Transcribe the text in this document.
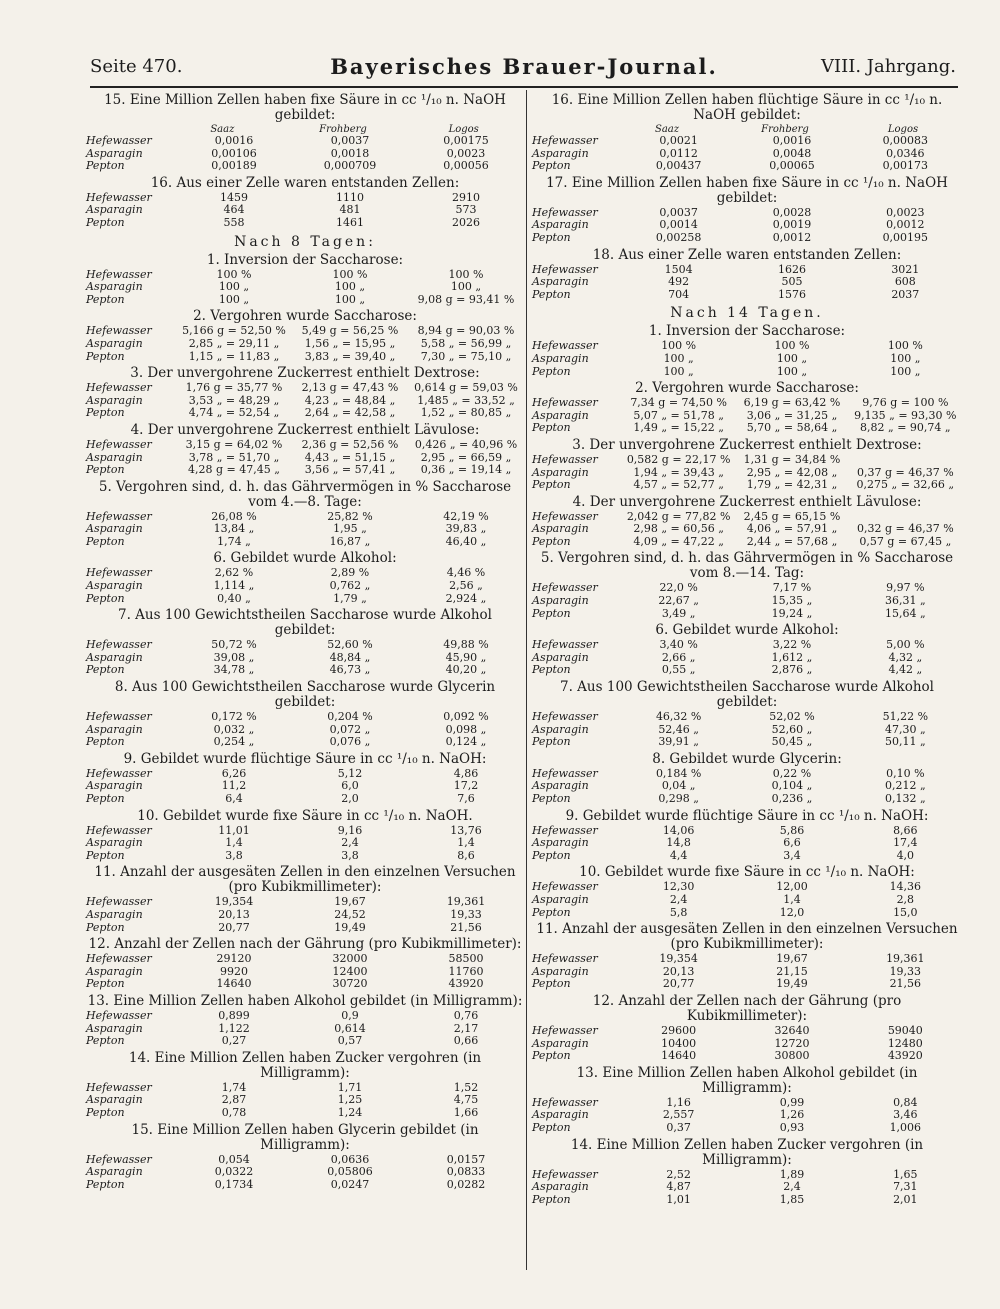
Seite 470.	Bayerisches Brauer-Journal.	VIII. Jahrgang.
15. Eine Million Zellen haben fixe Säure in cc ¹/₁₀ n. NaOH gebildet:
Saaz	Frohberg	Logos
Hefewasser	0,0016	0,0037	0,00175
Asparagin	0,00106	0,0018	0,0023
Pepton	0,00189	0,000709	0,00056
16. Aus einer Zelle waren entstanden Zellen:
Hefewasser	1459	1110	2910
Asparagin	464	481	573
Pepton	558	1461	2026
Nach 8 Tagen:
1. Inversion der Saccharose:
Hefewasser	100 %	100 %	100 %
Asparagin	100 „	100 „	100 „
Pepton	100 „	100 „	9,08 g = 93,41 %
2. Vergohren wurde Saccharose:
Hefewasser	5,166 g = 52,50 %	5,49 g = 56,25 %	8,94 g = 90,03 %
Asparagin	2,85 „ = 29,11 „	1,56 „ = 15,95 „	5,58 „ = 56,99 „
Pepton	1,15 „ = 11,83 „	3,83 „ = 39,40 „	7,30 „ = 75,10 „
3. Der unvergohrene Zuckerrest enthielt Dextrose:
Hefewasser	1,76 g = 35,77 %	2,13 g = 47,43 %	0,614 g = 59,03 %
Asparagin	3,53 „ = 48,29 „	4,23 „ = 48,84 „	1,485 „ = 33,52 „
Pepton	4,74 „ = 52,54 „	2,64 „ = 42,58 „	1,52 „ = 80,85 „
4. Der unvergohrene Zuckerrest enthielt Lävulose:
Hefewasser	3,15 g = 64,02 %	2,36 g = 52,56 %	0,426 „ = 40,96 %
Asparagin	3,78 „ = 51,70 „	4,43 „ = 51,15 „	2,95 „ = 66,59 „
Pepton	4,28 g = 47,45 „	3,56 „ = 57,41 „	0,36 „ = 19,14 „
5. Vergohren sind, d. h. das Gährvermögen in % Saccharose vom 4.—8. Tage:
Hefewasser	26,08 %	25,82 %	42,19 %
Asparagin	13,84 „	1,95 „	39,83 „
Pepton	1,74 „	16,87 „	46,40 „
6. Gebildet wurde Alkohol:
Hefewasser	2,62 %	2,89 %	4,46 %
Asparagin	1,114 „	0,762 „	2,56 „
Pepton	0,40 „	1,79 „	2,924 „
7. Aus 100 Gewichtstheilen Saccharose wurde Alkohol gebildet:
Hefewasser	50,72 %	52,60 %	49,88 %
Asparagin	39,08 „	48,84 „	45,90 „
Pepton	34,78 „	46,73 „	40,20 „
8. Aus 100 Gewichtstheilen Saccharose wurde Glycerin gebildet:
Hefewasser	0,172 %	0,204 %	0,092 %
Asparagin	0,032 „	0,072 „	0,098 „
Pepton	0,254 „	0,076 „	0,124 „
9. Gebildet wurde flüchtige Säure in cc ¹/₁₀ n. NaOH:
Hefewasser	6,26	5,12	4,86
Asparagin	11,2	6,0	17,2
Pepton	6,4	2,0	7,6
10. Gebildet wurde fixe Säure in cc ¹/₁₀ n. NaOH.
Hefewasser	11,01	9,16	13,76
Asparagin	1,4	2,4	1,4
Pepton	3,8	3,8	8,6
11. Anzahl der ausgesäten Zellen in den einzelnen Versuchen (pro Kubikmillimeter):
Hefewasser	19,354	19,67	19,361
Asparagin	20,13	24,52	19,33
Pepton	20,77	19,49	21,56
12. Anzahl der Zellen nach der Gährung (pro Kubikmillimeter):
Hefewasser	29120	32000	58500
Asparagin	9920	12400	11760
Pepton	14640	30720	43920
13. Eine Million Zellen haben Alkohol gebildet (in Milligramm):
Hefewasser	0,899	0,9	0,76
Asparagin	1,122	0,614	2,17
Pepton	0,27	0,57	0,66
14. Eine Million Zellen haben Zucker vergohren (in Milligramm):
Hefewasser	1,74	1,71	1,52
Asparagin	2,87	1,25	4,75
Pepton	0,78	1,24	1,66
15. Eine Million Zellen haben Glycerin gebildet (in Milligramm):
Hefewasser	0,054	0,0636	0,0157
Asparagin	0,0322	0,05806	0,0833
Pepton	0,1734	0,0247	0,0282
16. Eine Million Zellen haben flüchtige Säure in cc ¹/₁₀ n. NaOH gebildet:
Saaz	Frohberg	Logos
Hefewasser	0,0021	0,0016	0,00083
Asparagin	0,0112	0,0048	0,0346
Pepton	0,00437	0,00065	0,00173
17. Eine Million Zellen haben fixe Säure in cc ¹/₁₀ n. NaOH gebildet:
Hefewasser	0,0037	0,0028	0,0023
Asparagin	0,0014	0,0019	0,0012
Pepton	0,00258	0,0012	0,00195
18. Aus einer Zelle waren entstanden Zellen:
Hefewasser	1504	1626	3021
Asparagin	492	505	608
Pepton	704	1576	2037
Nach 14 Tagen.
1. Inversion der Saccharose:
Hefewasser	100 %	100 %	100 %
Asparagin	100 „	100 „	100 „
Pepton	100 „	100 „	100 „
2. Vergohren wurde Saccharose:
Hefewasser	7,34 g = 74,50 %	6,19 g = 63,42 %	9,76 g = 100 %
Asparagin	5,07 „ = 51,78 „	3,06 „ = 31,25 „	9,135 „ = 93,30 %
Pepton	1,49 „ = 15,22 „	5,70 „ = 58,64 „	8,82 „ = 90,74 „
3. Der unvergohrene Zuckerrest enthielt Dextrose:
Hefewasser	0,582 g = 22,17 %	1,31 g = 34,84 %
Asparagin	1,94 „ = 39,43 „	2,95 „ = 42,08 „	0,37 g = 46,37 %
Pepton	4,57 „ = 52,77 „	1,79 „ = 42,31 „	0,275 „ = 32,66 „
4. Der unvergohrene Zuckerrest enthielt Lävulose:
Hefewasser	2,042 g = 77,82 %	2,45 g = 65,15 %
Asparagin	2,98 „ = 60,56 „	4,06 „ = 57,91 „	0,32 g = 46,37 %
Pepton	4,09 „ = 47,22 „	2,44 „ = 57,68 „	0,57 g = 67,45 „
5. Vergohren sind, d. h. das Gährvermögen in % Saccharose vom 8.—14. Tag:
Hefewasser	22,0 %	7,17 %	9,97 %
Asparagin	22,67 „	15,35 „	36,31 „
Pepton	3,49 „	19,24 „	15,64 „
6. Gebildet wurde Alkohol:
Hefewasser	3,40 %	3,22 %	5,00 %
Asparagin	2,66 „	1,612 „	4,32 „
Pepton	0,55 „	2,876 „	4,42 „
7. Aus 100 Gewichtstheilen Saccharose wurde Alkohol gebildet:
Hefewasser	46,32 %	52,02 %	51,22 %
Asparagin	52,46 „	52,60 „	47,30 „
Pepton	39,91 „	50,45 „	50,11 „
8. Gebildet wurde Glycerin:
Hefewasser	0,184 %	0,22 %	0,10 %
Asparagin	0,04 „	0,104 „	0,212 „
Pepton	0,298 „	0,236 „	0,132 „
9. Gebildet wurde flüchtige Säure in cc ¹/₁₀ n. NaOH:
Hefewasser	14,06	5,86	8,66
Asparagin	14,8	6,6	17,4
Pepton	4,4	3,4	4,0
10. Gebildet wurde fixe Säure in cc ¹/₁₀ n. NaOH:
Hefewasser	12,30	12,00	14,36
Asparagin	2,4	1,4	2,8
Pepton	5,8	12,0	15,0
11. Anzahl der ausgesäten Zellen in den einzelnen Versuchen (pro Kubikmillimeter):
Hefewasser	19,354	19,67	19,361
Asparagin	20,13	21,15	19,33
Pepton	20,77	19,49	21,56
12. Anzahl der Zellen nach der Gährung (pro Kubikmillimeter):
Hefewasser	29600	32640	59040
Asparagin	10400	12720	12480
Pepton	14640	30800	43920
13. Eine Million Zellen haben Alkohol gebildet (in Milligramm):
Hefewasser	1,16	0,99	0,84
Asparagin	2,557	1,26	3,46
Pepton	0,37	0,93	1,006
14. Eine Million Zellen haben Zucker vergohren (in Milligramm):
Hefewasser	2,52	1,89	1,65
Asparagin	4,87	2,4	7,31
Pepton	1,01	1,85	2,01
